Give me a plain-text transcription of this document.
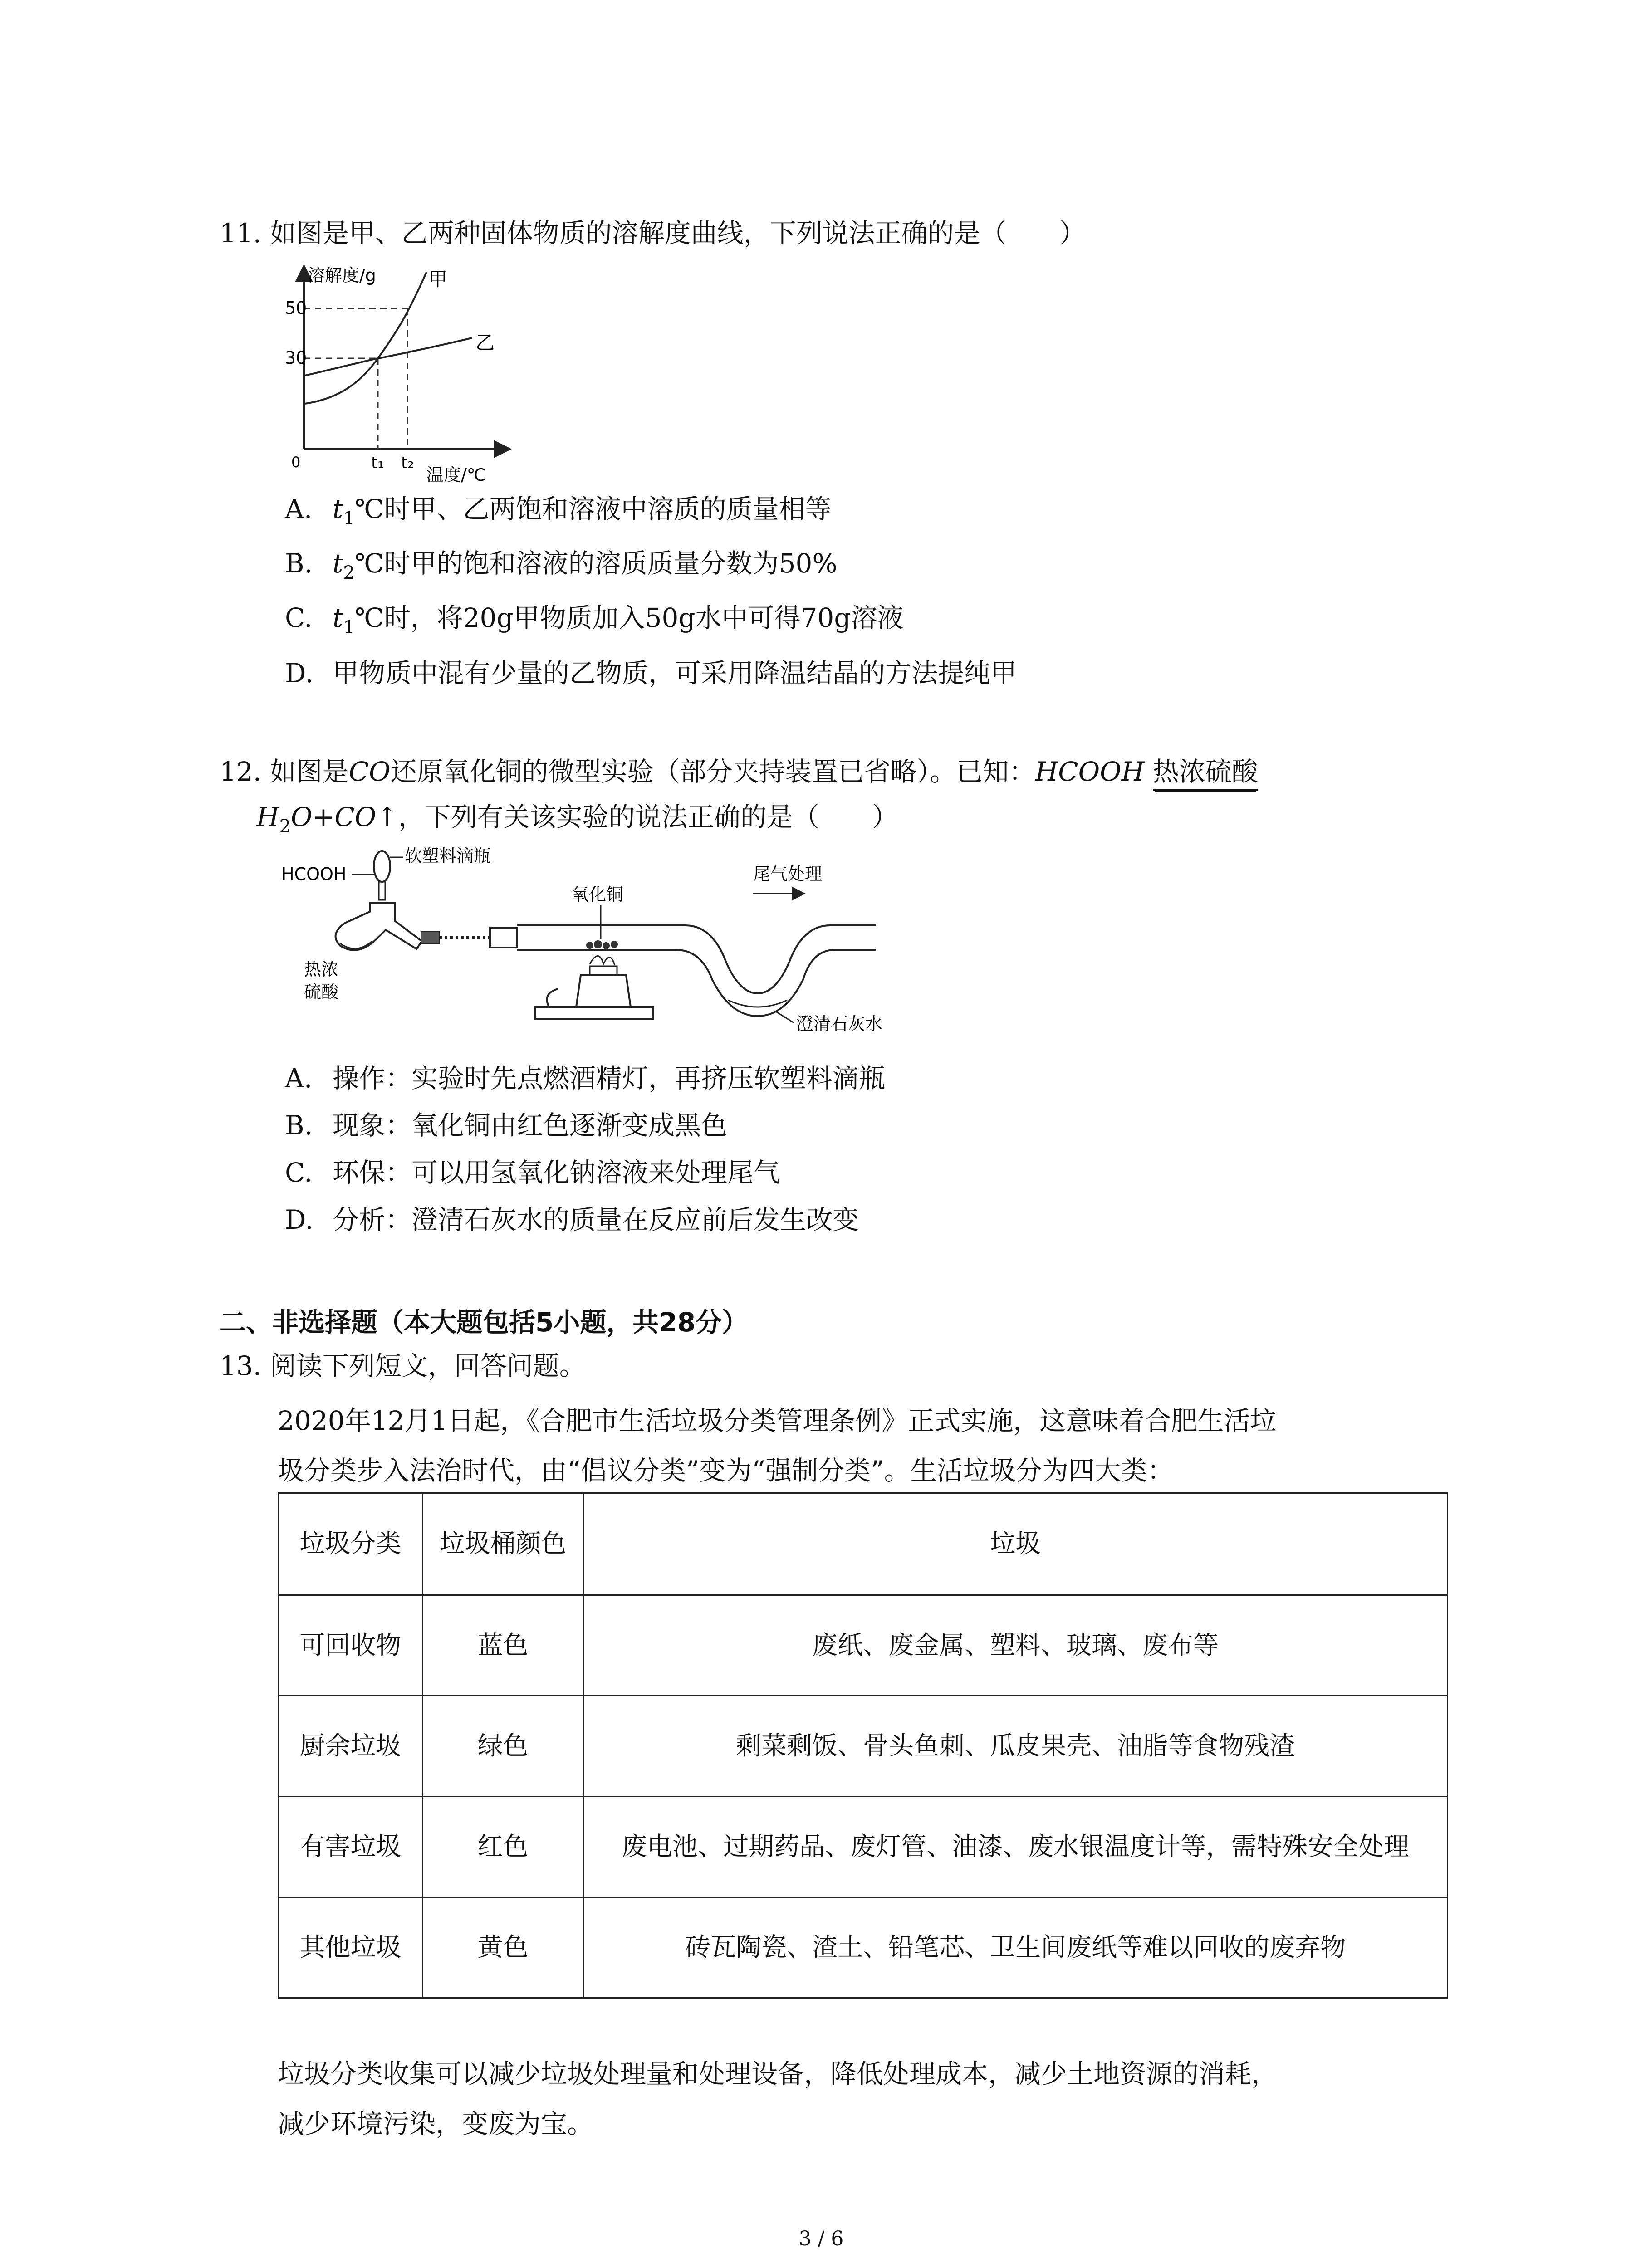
11. 如图是甲、乙两种固体物质的溶解度曲线，下列说法正确的是（　　）
溶解度/g
50
30
0	t₁ t₂
温度/℃
甲
乙
A. $t_1℃$时甲、乙两饱和溶液中溶质的质量相等
B. $t_2℃$时甲的饱和溶液的溶质质量分数为50%
C. $t_1℃$时，将20g甲物质加入50g水中可得70g溶液
D. 甲物质中混有少量的乙物质，可采用降温结晶的方法提纯甲
12. 如图是CO还原氧化铜的微型实验（部分夹持装置已省略）。已知：HCOOH 热浓硫酸
$H_2O+CO↑$，下列有关该实验的说法正确的是（　　）
HCOOH
软塑料滴瓶
热浓
硫酸
氧化铜
尾气处理
澄清石灰水
A. 操作：实验时先点燃酒精灯，再挤压软塑料滴瓶
B. 现象：氧化铜由红色逐渐变成黑色
C. 环保：可以用氢氧化钠溶液来处理尾气
D. 分析：澄清石灰水的质量在反应前后发生改变
二、非选择题（本大题包括5小题，共28分）
13. 阅读下列短文，回答问题。
2020年12月1日起，《合肥市生活垃圾分类管理条例》正式实施，这意味着合肥生活垃
圾分类步入法治时代，由“倡议分类”变为“强制分类”。生活垃圾分为四大类：
垃圾分类	垃圾桶颜色	垃圾
可回收物	蓝色	废纸、废金属、塑料、玻璃、废布等
厨余垃圾	绿色	剩菜剩饭、骨头鱼刺、瓜皮果壳、油脂等食物残渣
有害垃圾	红色	废电池、过期药品、废灯管、油漆、废水银温度计等，需特殊安全处理
其他垃圾	黄色	砖瓦陶瓷、渣土、铅笔芯、卫生间废纸等难以回收的废弃物
垃圾分类收集可以减少垃圾处理量和处理设备，降低处理成本，减少土地资源的消耗，
减少环境污染，变废为宝。
3 / 6
